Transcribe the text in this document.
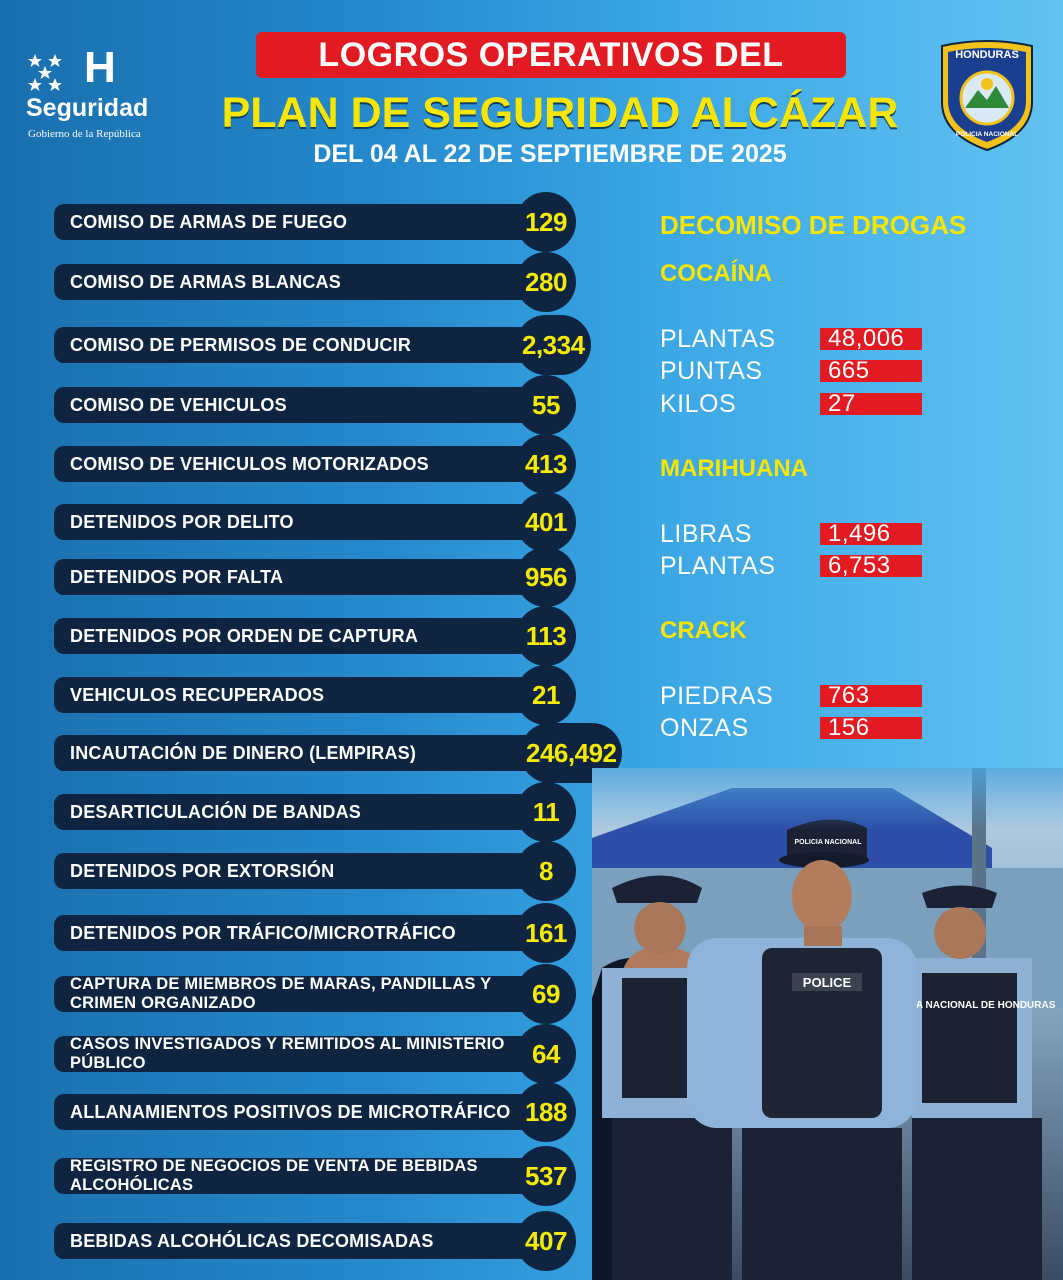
H
Seguridad
Gobierno de la República
LOGROS OPERATIVOS DEL
PLAN DE SEGURIDAD ALCÁZAR
DEL 04 AL 22 DE SEPTIEMBRE DE 2025
HONDURAS
POLICIA NACIONAL
COMISO DE ARMAS DE FUEGO	129
COMISO DE ARMAS BLANCAS	280
COMISO DE PERMISOS DE CONDUCIR	2,334
COMISO DE VEHICULOS	55
COMISO DE VEHICULOS MOTORIZADOS	413
DETENIDOS POR DELITO	401
DETENIDOS POR FALTA	956
DETENIDOS POR ORDEN DE CAPTURA	113
VEHICULOS RECUPERADOS	21
INCAUTACIÓN DE DINERO (LEMPIRAS)	246,492
DESARTICULACIÓN DE BANDAS	11
DETENIDOS POR EXTORSIÓN	8
DETENIDOS POR TRÁFICO/MICROTRÁFICO	161
CAPTURA DE MIEMBROS DE MARAS, PANDILLAS Y CRIMEN ORGANIZADO	69
CASOS INVESTIGADOS Y REMITIDOS AL MINISTERIO PÚBLICO	64
ALLANAMIENTOS POSITIVOS DE MICROTRÁFICO 188
REGISTRO DE NEGOCIOS DE VENTA DE BEBIDAS ALCOHÓLICAS	537
BEBIDAS ALCOHÓLICAS DECOMISADAS	407
DECOMISO DE DROGAS
COCAÍNA
PLANTAS	48,006
PUNTAS	665
KILOS	27
MARIHUANA
LIBRAS	1,496
PLANTAS	6,753
CRACK
PIEDRAS	763
ONZAS	156
